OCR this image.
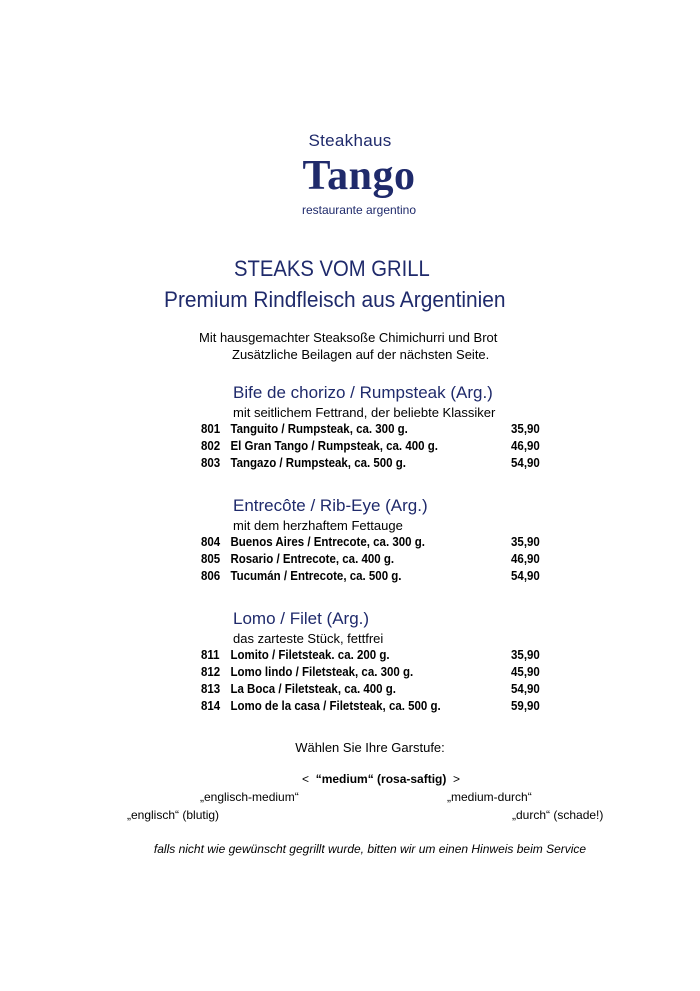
Steakhaus
Tango
restaurante argentino
STEAKS VOM GRILL
Premium Rindfleisch aus Argentinien
Mit hausgemachter Steaksoße Chimichurri und Brot
Zusätzliche Beilagen auf der nächsten Seite.
Bife de chorizo / Rumpsteak (Arg.)
mit seitlichem Fettrand, der beliebte Klassiker
801 Tanguito / Rumpsteak, ca. 300 g.	35,90
802 El Gran Tango / Rumpsteak, ca. 400 g.	46,90
803 Tangazo / Rumpsteak, ca. 500 g.	54,90
Entrecôte / Rib-Eye (Arg.)
mit dem herzhaftem Fettauge
804 Buenos Aires / Entrecote, ca. 300 g.	35,90
805 Rosario / Entrecote, ca. 400 g.	46,90
806 Tucumán / Entrecote, ca. 500 g.	54,90
Lomo / Filet (Arg.)
das zarteste Stück, fettfrei
811 Lomito / Filetsteak. ca. 200 g.	35,90
812 Lomo lindo / Filetsteak, ca. 300 g.	45,90
813 La Boca / Filetsteak, ca. 400 g.	54,90
814 Lomo de la casa / Filetsteak, ca. 500 g.	59,90
Wählen Sie Ihre Garstufe:
< “medium“ (rosa-saftig) >
„englisch-medium“	„medium-durch“
„englisch“ (blutig)	„durch“ (schade!)
falls nicht wie gewünscht gegrillt wurde, bitten wir um einen Hinweis beim Service
